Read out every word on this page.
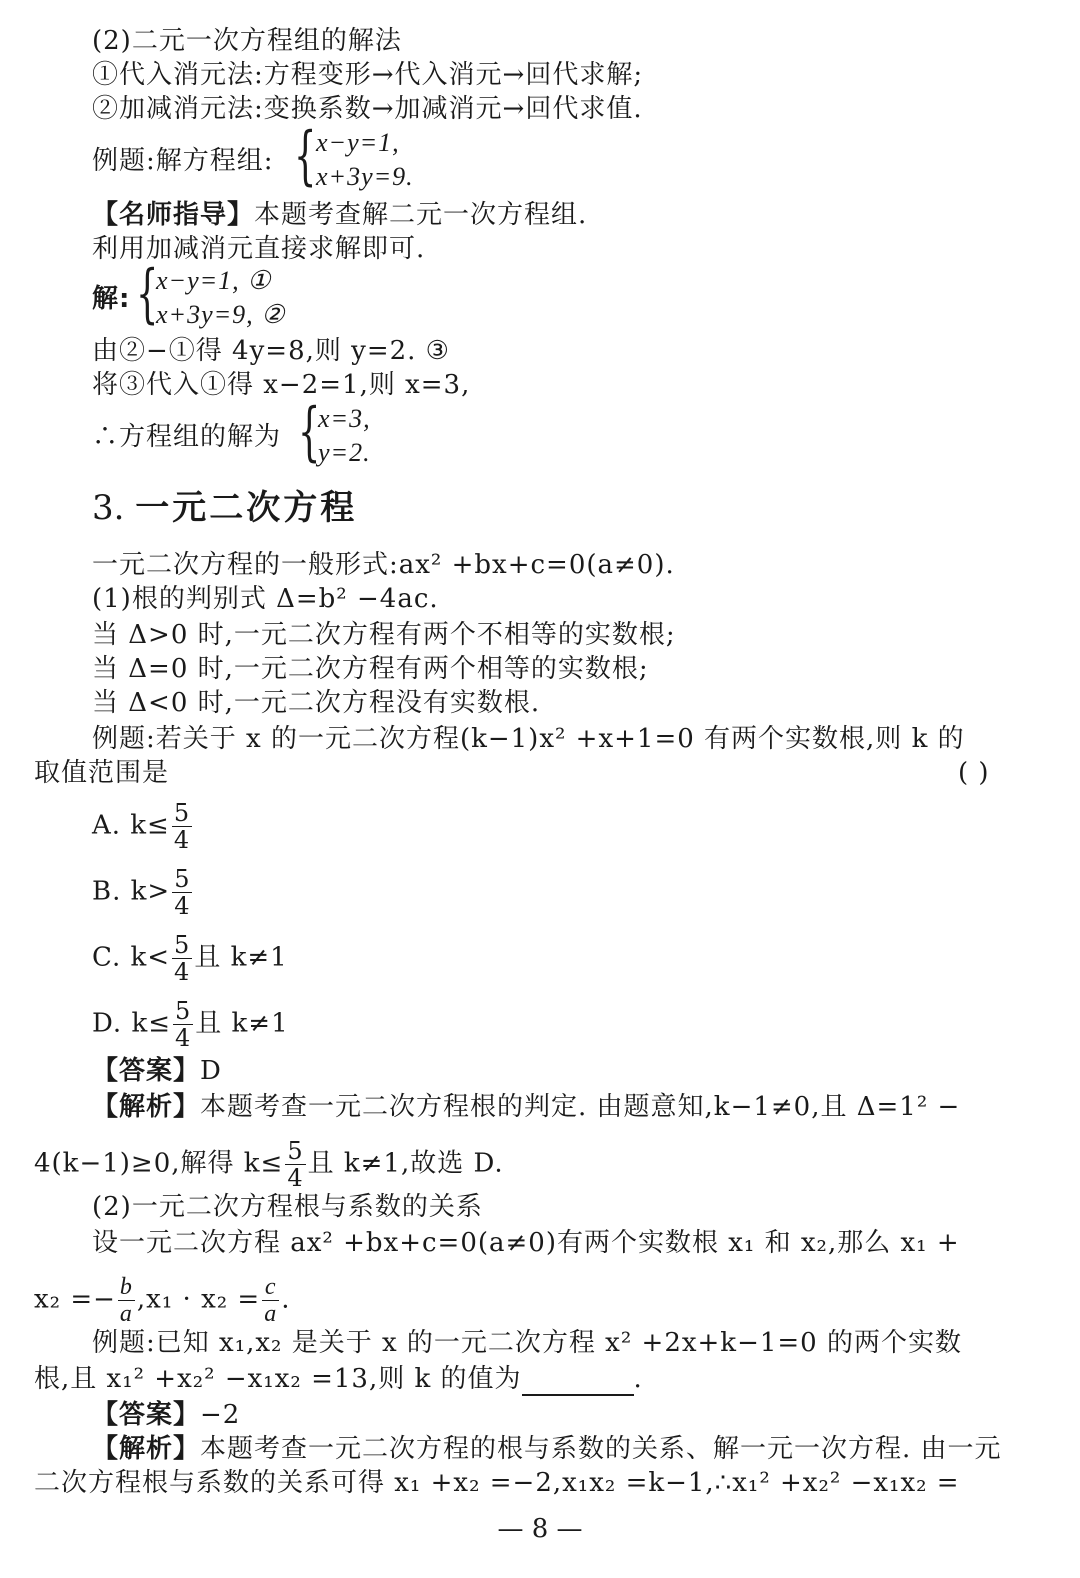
(2)二元一次方程组的解法
①代入消元法:方程变形→代入消元→回代求解;
②加减消元法:变换系数→加减消元→回代求值.
例题:解方程组: { x−y=1,
x+3y=9.
【名师指导】本题考查解二元一次方程组.
利用加减消元直接求解即可.
解: {
x−y=1, ①
x+3y=9, ②
由②−①得 4y=8,则 y=2. ③
将③代入①得 x−2=1,则 x=3,
∴方程组的解为 {
x=3,
y=2.
3. 一元二次方程
一元二次方程的一般形式:ax² +bx+c=0(a≠0).
(1)根的判别式 Δ=b² −4ac.
当 Δ>0 时,一元二次方程有两个不相等的实数根;
当 Δ=0 时,一元二次方程有两个相等的实数根;
当 Δ<0 时,一元二次方程没有实数根.
例题:若关于 x 的一元二次方程(k−1)x² +x+1=0 有两个实数根,则 k 的
取值范围是	( )
A. $k\le \frac{5}{4}$
B. $k> \frac{5}{4}$
C. $k< \frac{5}{4}$ 且 k≠1
D. $k\le \frac{5}{4}$ 且 k≠1
【答案】D
【解析】本题考查一元二次方程根的判定. 由题意知,k−1≠0,且 Δ=1² −
4(k−1)≥0,解得 $k\le \frac{5}{4}$ 且 k≠1,故选 D.
(2)一元二次方程根与系数的关系
设一元二次方程 ax² +bx+c=0(a≠0)有两个实数根 x₁ 和 x₂,那么 x₁ +
$x_2 =- \frac{b}{a} ,x_1 \cdot x_2 = \frac{c}{a}$ .
例题:已知 x₁,x₂ 是关于 x 的一元二次方程 x² +2x+k−1=0 的两个实数
根,且 x₁² +x₂² −x₁x₂ =13,则 k 的值为	.
【答案】−2
【解析】本题考查一元二次方程的根与系数的关系、解一元一次方程. 由一元
二次方程根与系数的关系可得 x₁ +x₂ =−2,x₁x₂ =k−1,∴x₁² +x₂² −x₁x₂ =
— 8 —
